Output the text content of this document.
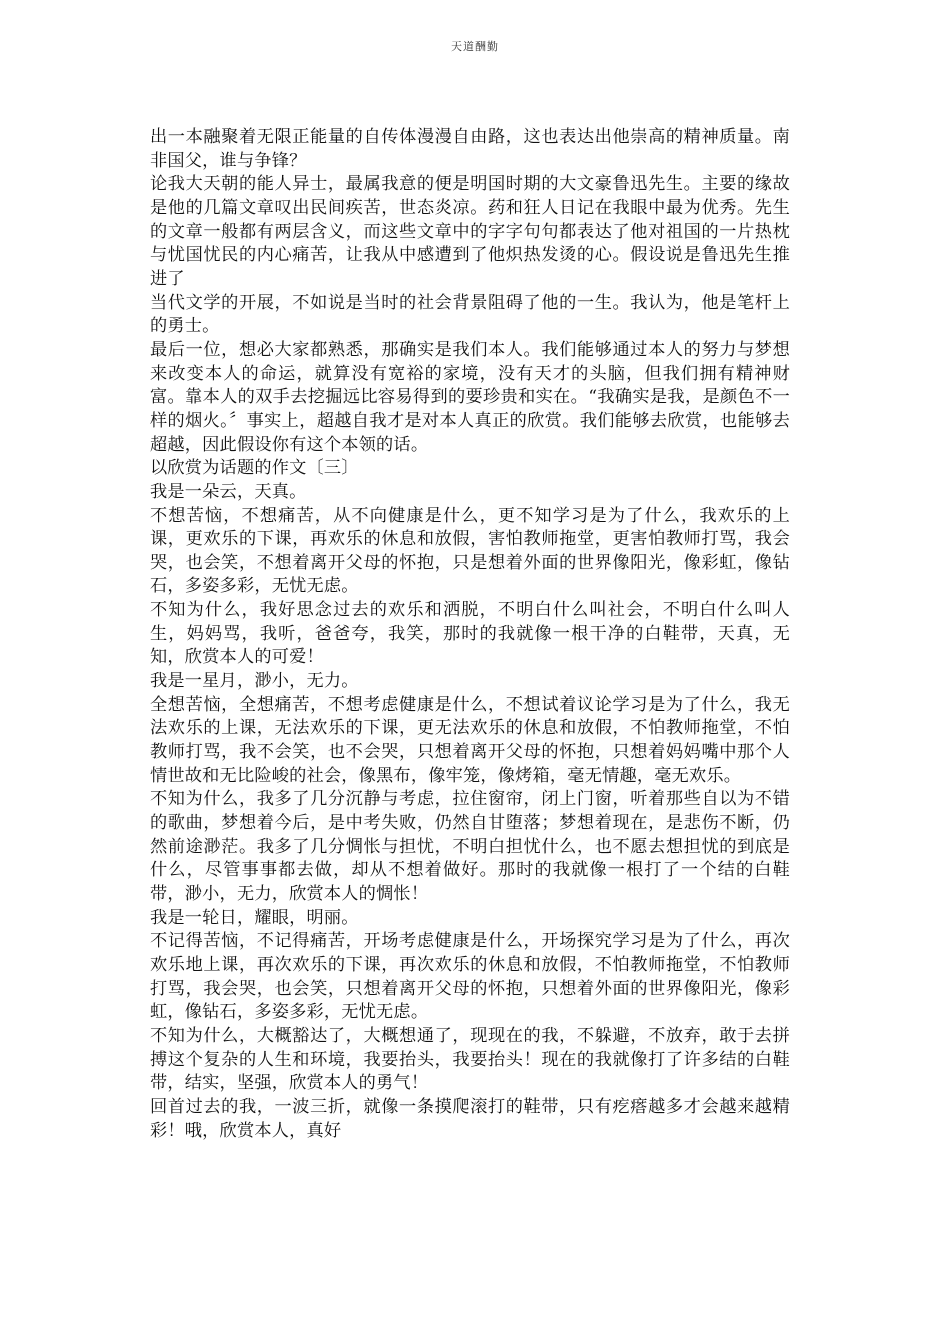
天道酬勤

出一本融聚着无限正能量的自传体漫漫自由路，这也表达出他崇高的精神质量。南非国父，谁与争锋？

论我大天朝的能人异士，最属我意的便是明国时期的大文豪鲁迅先生。主要的缘故是他的几篇文章叹出民间疾苦，世态炎凉。药和狂人日记在我眼中最为优秀。先生的文章一般都有两层含义，而这些文章中的字字句句都表达了他对祖国的一片热枕与忧国忧民的内心痛苦，让我从中感遭到了他炽热发烫的心。假设说是鲁迅先生推进了

当代文学的开展，不如说是当时的社会背景阻碍了他的一生。我认为，他是笔杆上的勇士。

最后一位，想必大家都熟悉，那确实是我们本人。我们能够通过本人的努力与梦想来改变本人的命运，就算没有宽裕的家境，没有天才的头脑，但我们拥有精神财富。靠本人的双手去挖掘远比容易得到的要珍贵和实在。“我确实是我，是颜色不一样的烟火。〞事实上，超越自我才是对本人真正的欣赏。我们能够去欣赏，也能够去超越，因此假设你有这个本领的话。

以欣赏为话题的作文〔三〕

我是一朵云，天真。

不想苦恼，不想痛苦，从不向健康是什么，更不知学习是为了什么，我欢乐的上课，更欢乐的下课，再欢乐的休息和放假，害怕教师拖堂，更害怕教师打骂，我会哭，也会笑，不想着离开父母的怀抱，只是想着外面的世界像阳光，像彩虹，像钻石，多姿多彩，无忧无虑。

不知为什么，我好思念过去的欢乐和洒脱，不明白什么叫社会，不明白什么叫人生，妈妈骂，我听，爸爸夸，我笑，那时的我就像一根干净的白鞋带，天真，无知，欣赏本人的可爱！

我是一星月，渺小，无力。

全想苦恼，全想痛苦，不想考虑健康是什么，不想试着议论学习是为了什么，我无法欢乐的上课，无法欢乐的下课，更无法欢乐的休息和放假，不怕教师拖堂，不怕教师打骂，我不会笑，也不会哭，只想着离开父母的怀抱，只想着妈妈嘴中那个人情世故和无比险峻的社会，像黑布，像牢笼，像烤箱，毫无情趣，毫无欢乐。

不知为什么，我多了几分沉静与考虑，拉住窗帘，闭上门窗，听着那些自以为不错的歌曲，梦想着今后，是中考失败，仍然自甘堕落；梦想着现在，是悲伤不断，仍然前途渺茫。我多了几分惆怅与担忧，不明白担忧什么，也不愿去想担忧的到底是什么，尽管事事都去做，却从不想着做好。那时的我就像一根打了一个结的白鞋带，渺小，无力，欣赏本人的惆怅！

我是一轮日，耀眼，明丽。

不记得苦恼，不记得痛苦，开场考虑健康是什么，开场探究学习是为了什么，再次欢乐地上课，再次欢乐的下课，再次欢乐的休息和放假，不怕教师拖堂，不怕教师打骂，我会哭，也会笑，只想着离开父母的怀抱，只想着外面的世界像阳光，像彩虹，像钻石，多姿多彩，无忧无虑。

不知为什么，大概豁达了，大概想通了，现现在的我，不躲避，不放弃，敢于去拼搏这个复杂的人生和环境，我要抬头，我要抬头！现在的我就像打了许多结的白鞋带，结实，坚强，欣赏本人的勇气！

回首过去的我，一波三折，就像一条摸爬滚打的鞋带，只有疙瘩越多才会越来越精彩！哦，欣赏本人，真好
